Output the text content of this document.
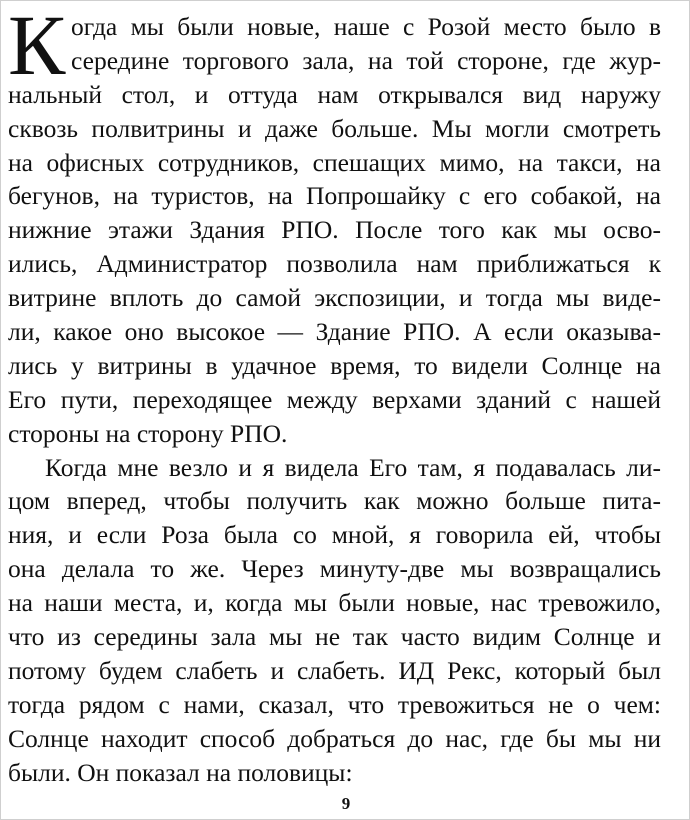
К огда мы были новые, наше с Розой место было в
середине торгового зала, на той стороне, где жур-
нальный стол, и оттуда нам открывался вид наружу
сквозь полвитрины и даже больше. Мы могли смотреть
на офисных сотрудников, спешащих мимо, на такси, на
бегунов, на туристов, на Попрошайку с его собакой, на
нижние этажи Здания РПО. После того как мы осво-
ились, Администратор позволила нам приближаться к
витрине вплоть до самой экспозиции, и тогда мы виде-
ли, какое оно высокое — Здание РПО. А если оказыва-
лись у витрины в удачное время, то видели Солнце на
Его пути, переходящее между верхами зданий с нашей
стороны на сторону РПО.
Когда мне везло и я видела Его там, я подавалась ли-
цом вперед, чтобы получить как можно больше пита-
ния, и если Роза была со мной, я говорила ей, чтобы
она делала то же. Через минуту-две мы возвращались
на наши места, и, когда мы были новые, нас тревожило,
что из середины зала мы не так часто видим Солнце и
потому будем слабеть и слабеть. ИД Рекс, который был
тогда рядом с нами, сказал, что тревожиться не о чем:
Солнце находит способ добраться до нас, где бы мы ни
были. Он показал на половицы:
9
